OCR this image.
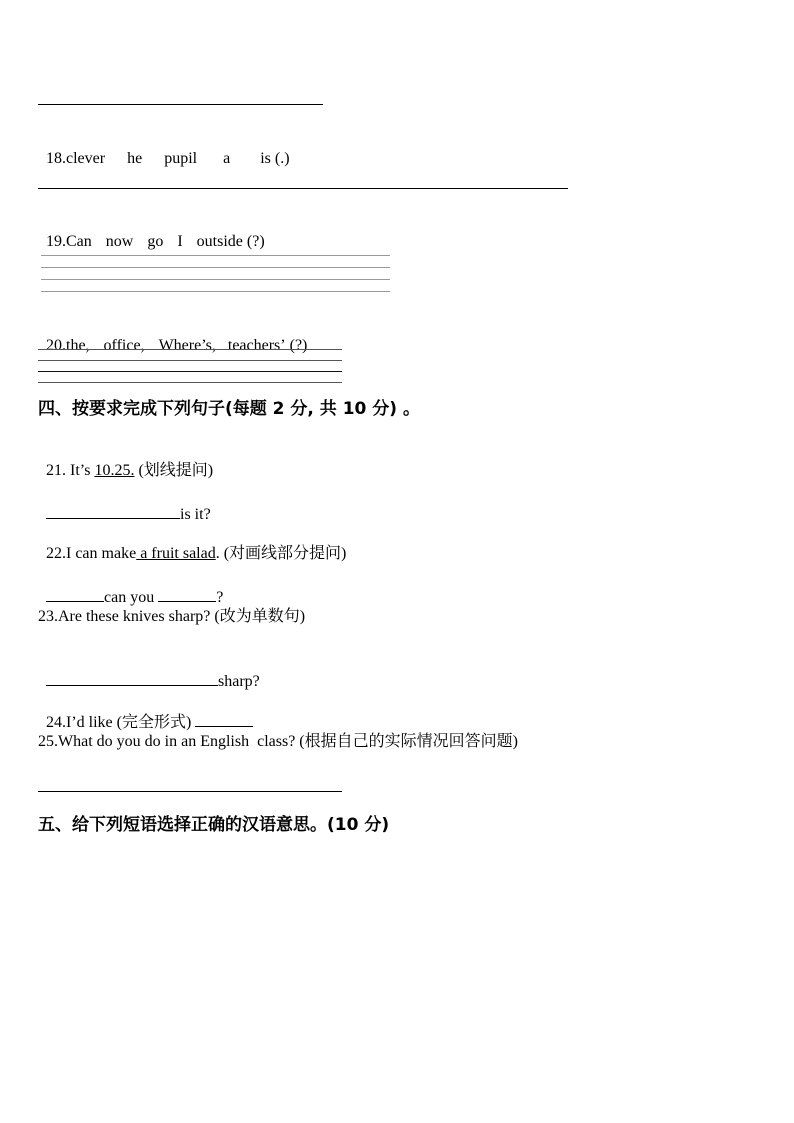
18.clever he pupil a is (.)

19.Can now go I outside (?)

20.the, office, Where’s, teachers’ (?)

四、按要求完成下列句子(每题 2 分, 共 10 分) 。

21. It’s 10.25. (划线提问)

is it?

22.I can make a fruit salad. (对画线部分提问)

can you	?

23.Are these knives sharp? (改为单数句)

sharp?

24.I’d like (完全形式)

25.What do you do in an English  class? (根据自己的实际情况回答问题)
五、给下列短语选择正确的汉语意思。(10 分)
